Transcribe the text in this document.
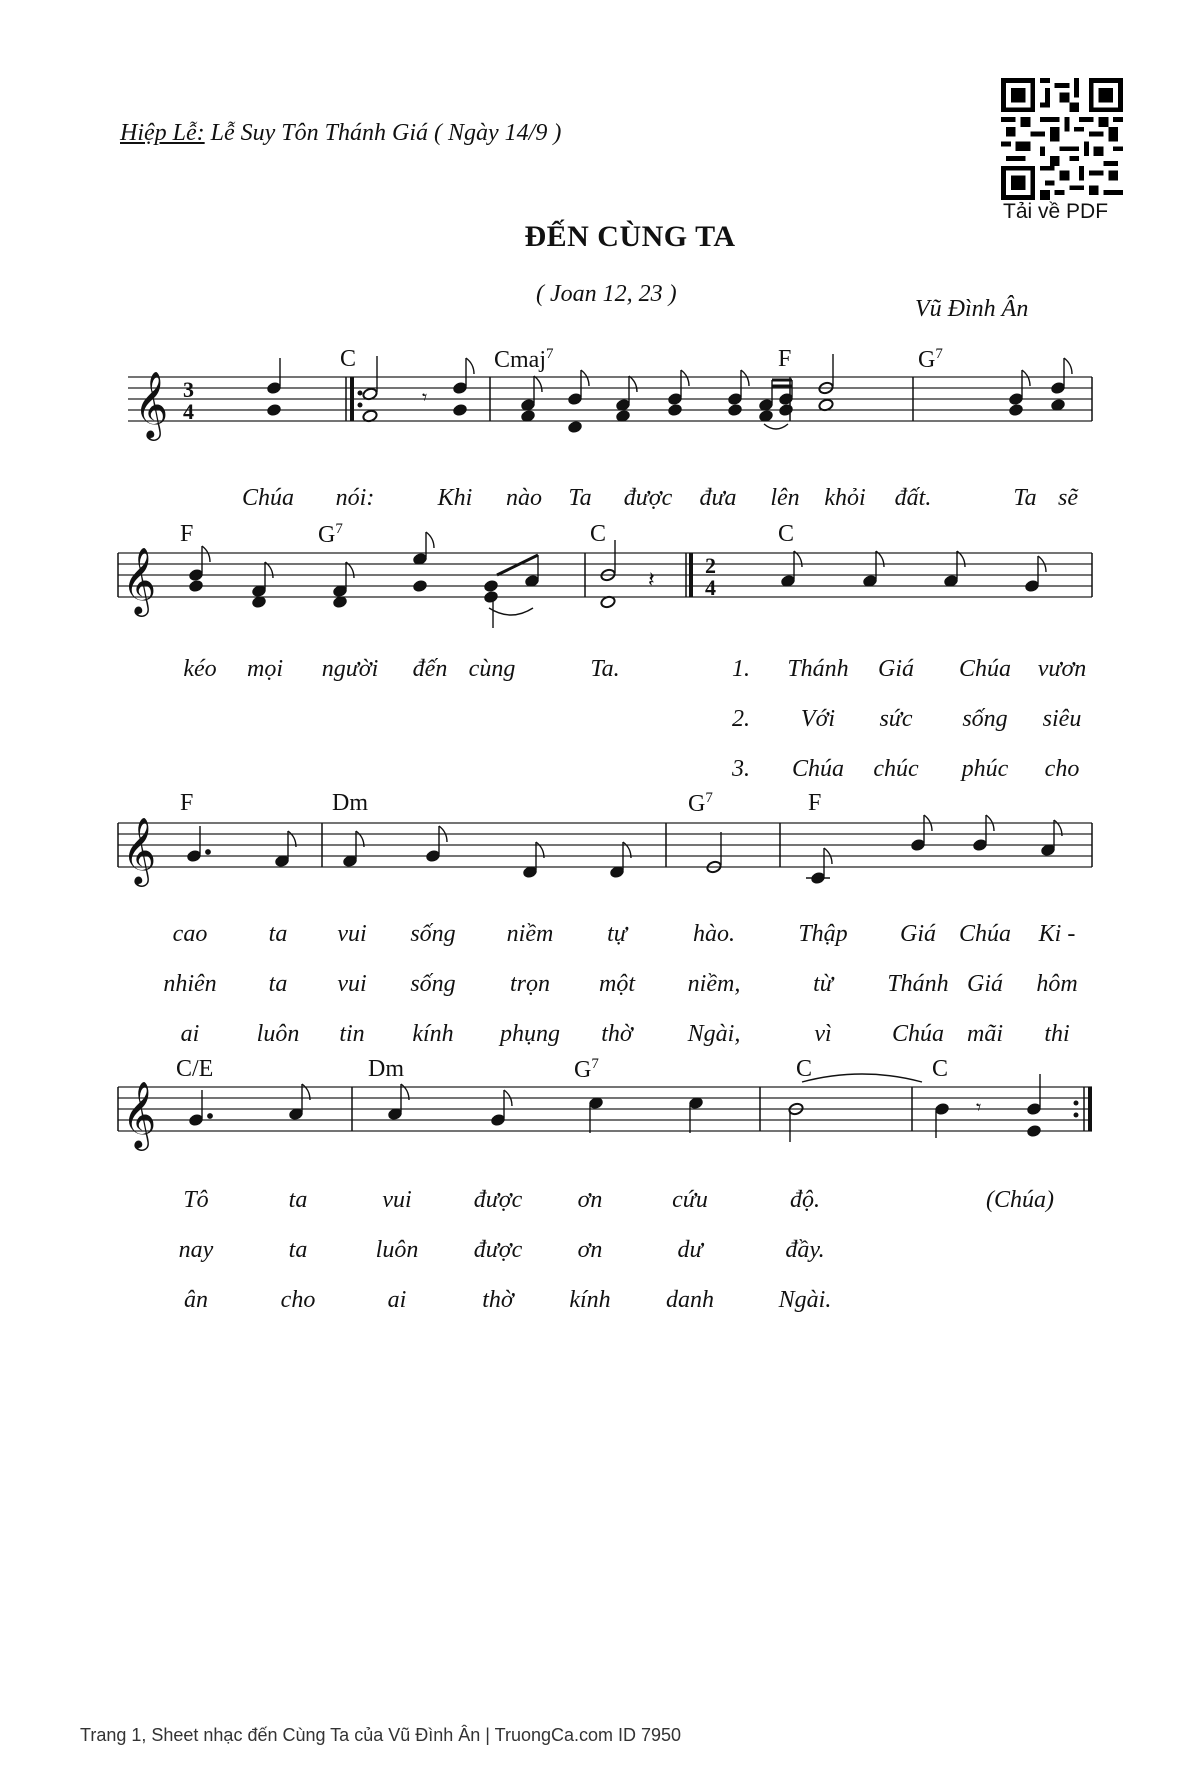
Hiệp Lễ: Lễ Suy Tôn Thánh Giá ( Ngày 14/9 )
Tải về PDF
ĐẾN CÙNG TA
( Joan 12, 23 )
Vũ Đình Ân
𝄞
𝄞
𝄞
𝄞
3
4
2
4
𝄾
𝄽
𝄾
C	Cmaj$^7$	F	$G^7$
F	$G^7$	C	C
F	Dm	$G^7$	F
C/E	Dm	$G^7$	C	C
Chúa nói:	Khi nào Ta được đưa lên khỏi đất.	Ta sẽ
kéo mọi người đến cùng	Ta.	1. Thánh Giá Chúa vươn
2. Với sức sống siêu
3. Chúa chúc phúc cho
cao	ta vui sống niềm tự	hào.	Thập Giá Chúa Ki -
nhiên ta vui sống trọn một niềm,	từ Thánh Giá hôm
ai luôn tin kính phụng thờ Ngài,	vì	Chúa mãi thi
Tô	ta	vui	được ơn	cứu	độ.	(Chúa)
nay	ta	luôn được ơn	dư	đầy.
ân	cho	ai	thờ kính danh	Ngài.
Trang 1, Sheet nhạc đến Cùng Ta của Vũ Đình Ân | TruongCa.com ID 7950
